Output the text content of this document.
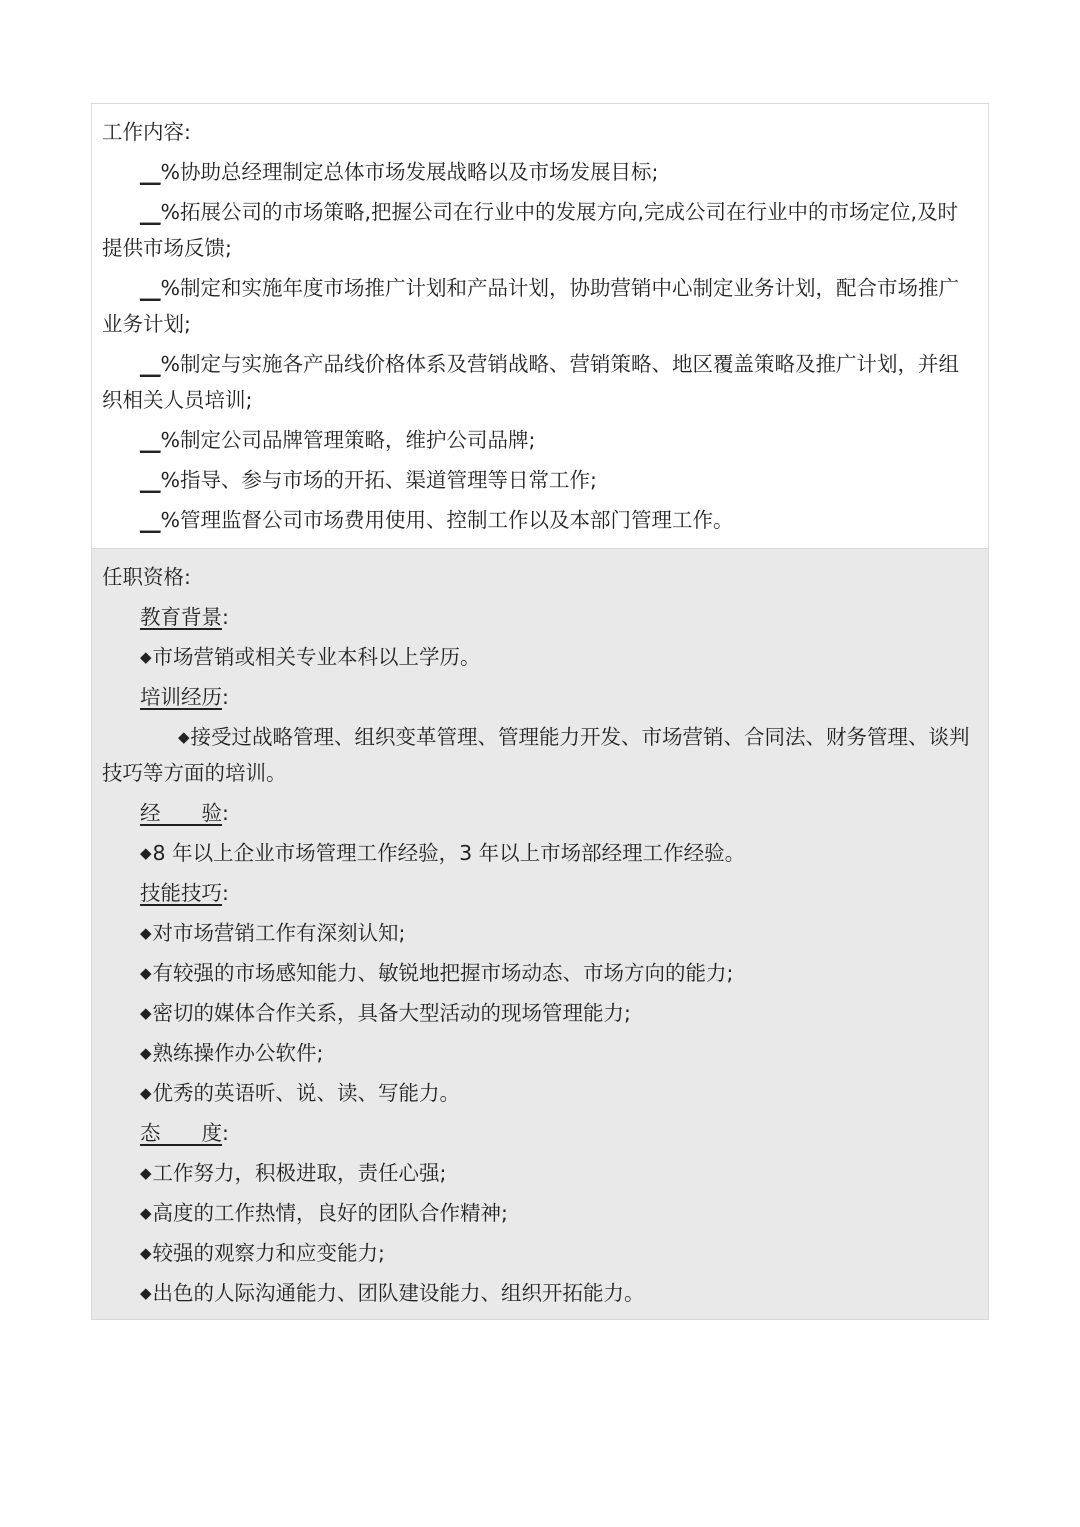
工作内容:
__%协助总经理制定总体市场发展战略以及市场发展目标;
__%拓展公司的市场策略,把握公司在行业中的发展方向,完成公司在行业中的市场定位,及时提供市场反馈;
__%制定和实施年度市场推广计划和产品计划，协助营销中心制定业务计划，配合市场推广业务计划;
__%制定与实施各产品线价格体系及营销战略、营销策略、地区覆盖策略及推广计划，并组织相关人员培训;
__%制定公司品牌管理策略，维护公司品牌;
__%指导、参与市场的开拓、渠道管理等日常工作;
__%管理监督公司市场费用使用、控制工作以及本部门管理工作。
任职资格:
教育背景:
◆市场营销或相关专业本科以上学历。
培训经历:
◆接受过战略管理、组织变革管理、管理能力开发、市场营销、合同法、财务管理、谈判技巧等方面的培训。
经　　验:
◆8 年以上企业市场管理工作经验，3 年以上市场部经理工作经验。
技能技巧:
◆对市场营销工作有深刻认知;
◆有较强的市场感知能力、敏锐地把握市场动态、市场方向的能力;
◆密切的媒体合作关系，具备大型活动的现场管理能力;
◆熟练操作办公软件;
◆优秀的英语听、说、读、写能力。
态　　度:
◆工作努力，积极进取，责任心强;
◆高度的工作热情，良好的团队合作精神;
◆较强的观察力和应变能力;
◆出色的人际沟通能力、团队建设能力、组织开拓能力。
